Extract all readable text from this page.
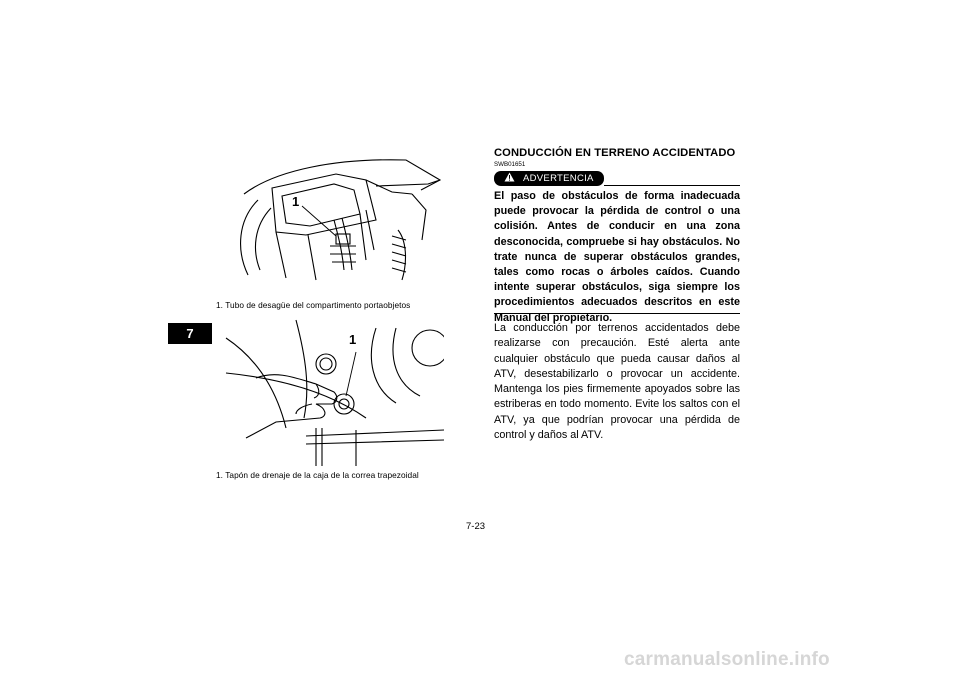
7
1
1. Tubo de desagüe del compartimento portaobjetos
1
1. Tapón de drenaje de la caja de la correa trapezoidal
CONDUCCIÓN EN TERRENO ACCIDENTADO
SWB01651
ADVERTENCIA
El paso de obstáculos de forma inadecuada puede provocar la pérdida de control o una colisión. Antes de conducir en una zona desconocida, compruebe si hay obstáculos. No trate nunca de superar obstáculos grandes, tales como rocas o árboles caídos. Cuando intente superar obstáculos, siga siempre los procedimientos adecuados descritos en este Manual del propietario.
La conducción por terrenos accidentados debe realizarse con precaución. Esté alerta ante cualquier obstáculo que pueda causar daños al ATV, desestabilizarlo o provocar un accidente. Mantenga los pies firmemente apoyados sobre las estriberas en todo momento. Evite los saltos con el ATV, ya que podrían provocar una pérdida de control y daños al ATV.
7-23
carmanualsonline.info
